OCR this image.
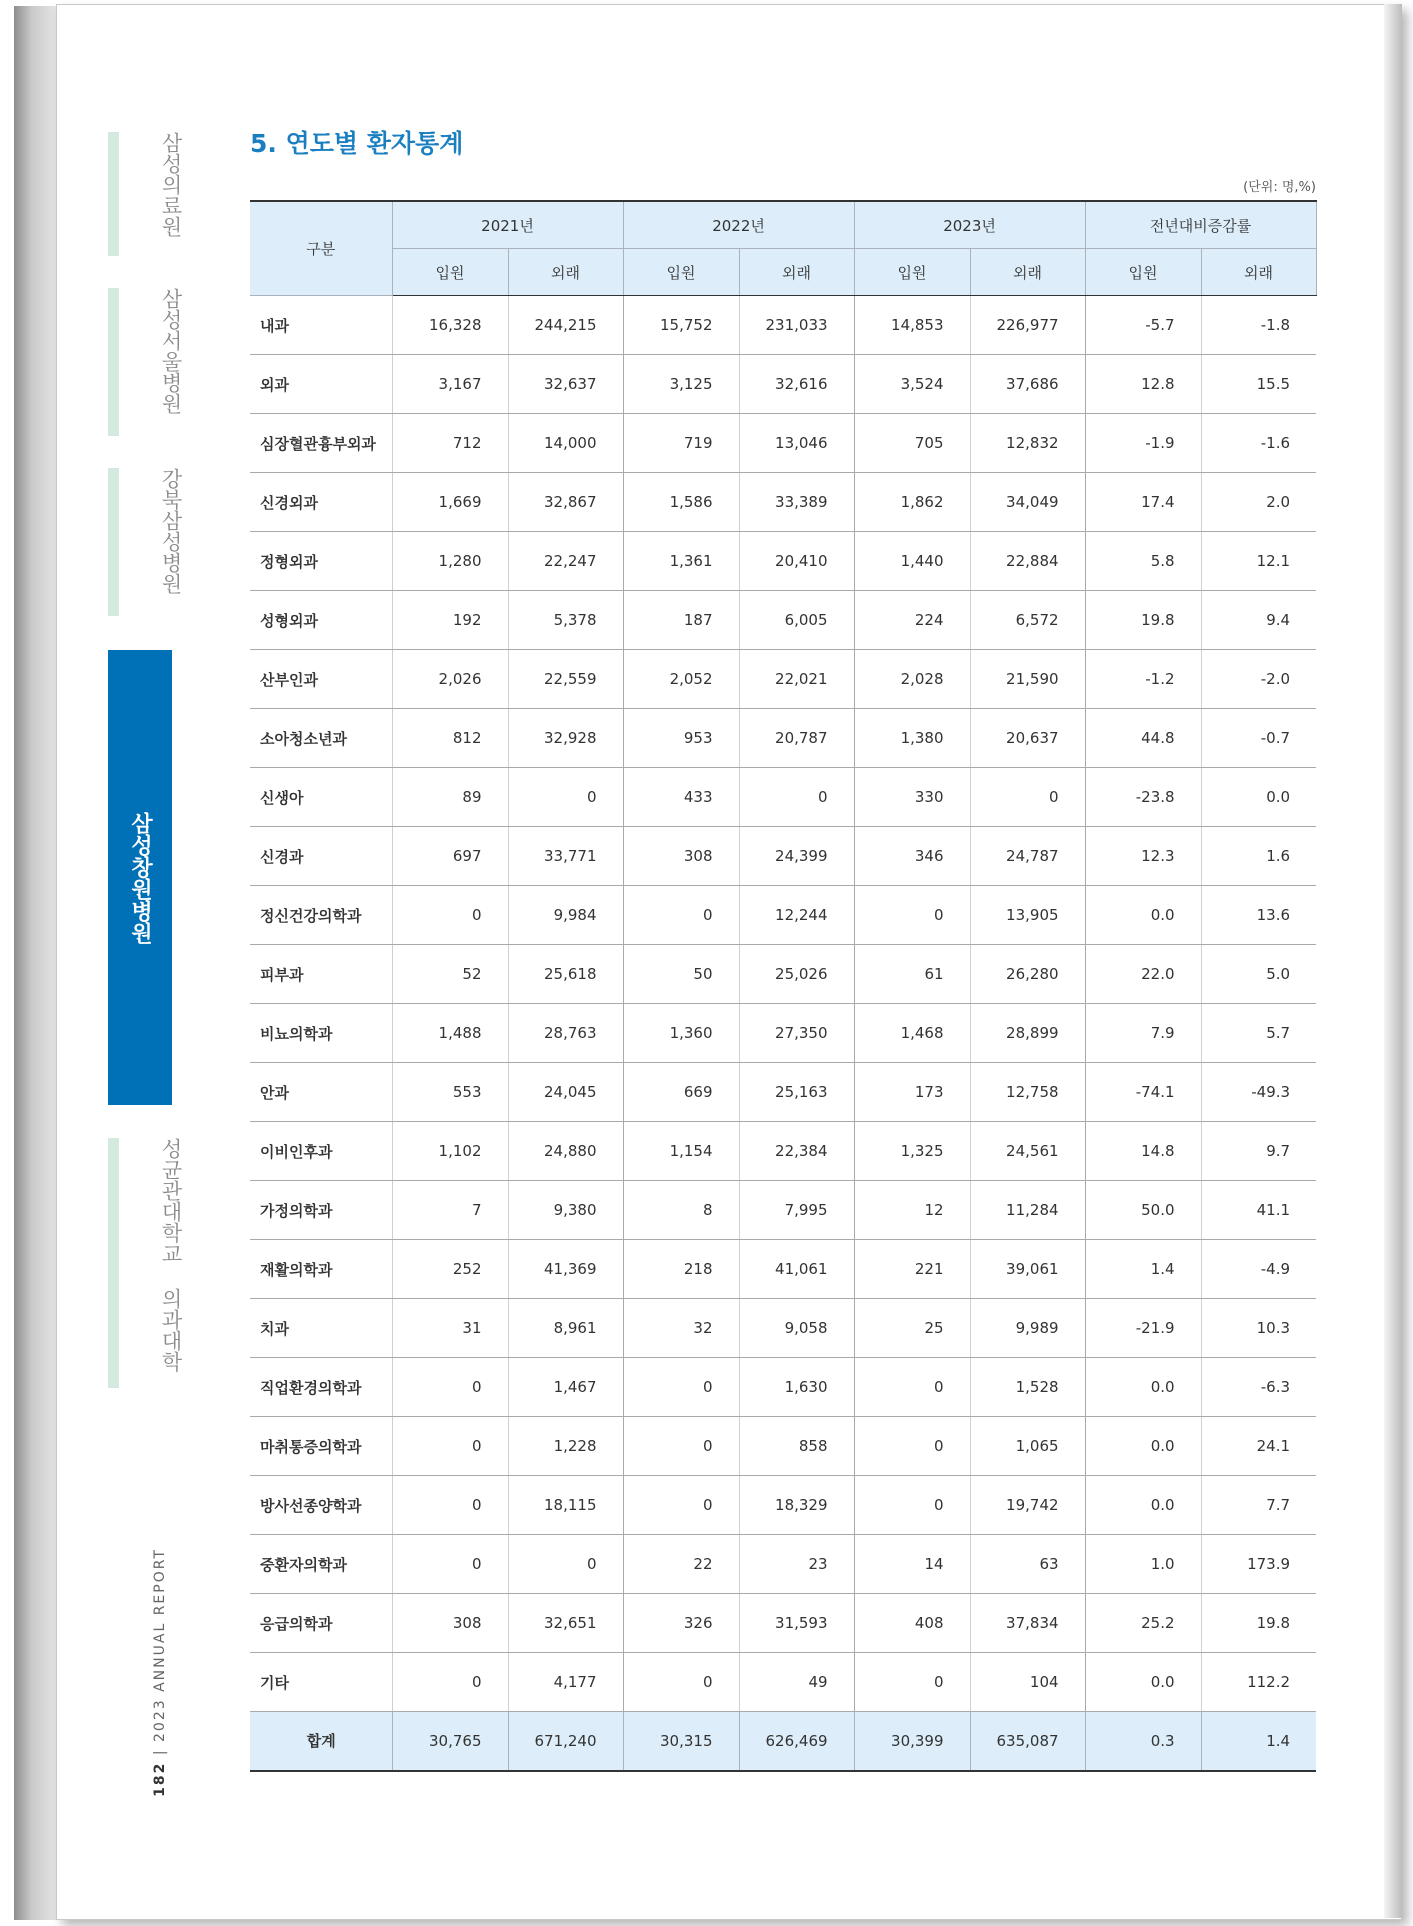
삼성의료원
삼성서울병원
강북삼성병원
삼성창원병원
성균관대학교 의과대학
182 | 2023 ANNUAL REPORT
5. 연도별 환자통계
(단위: 명,%)
구분	2021년		2022년		2023년		전년대비증감률	
	입원	외래	입원	외래	입원	외래	입원	외래
내과	16,328	244,215	15,752	231,033	14,853	226,977	-5.7	-1.8
외과	3,167	32,637	3,125	32,616	3,524	37,686	12.8	15.5
심장혈관흉부외과	712	14,000	719	13,046	705	12,832	-1.9	-1.6
신경외과	1,669	32,867	1,586	33,389	1,862	34,049	17.4	2.0
정형외과	1,280	22,247	1,361	20,410	1,440	22,884	5.8	12.1
성형외과	192	5,378	187	6,005	224	6,572	19.8	9.4
산부인과	2,026	22,559	2,052	22,021	2,028	21,590	-1.2	-2.0
소아청소년과	812	32,928	953	20,787	1,380	20,637	44.8	-0.7
신생아	89	0	433	0	330	0	-23.8	0.0
신경과	697	33,771	308	24,399	346	24,787	12.3	1.6
정신건강의학과	0	9,984	0	12,244	0	13,905	0.0	13.6
피부과	52	25,618	50	25,026	61	26,280	22.0	5.0
비뇨의학과	1,488	28,763	1,360	27,350	1,468	28,899	7.9	5.7
안과	553	24,045	669	25,163	173	12,758	-74.1	-49.3
이비인후과	1,102	24,880	1,154	22,384	1,325	24,561	14.8	9.7
가정의학과	7	9,380	8	7,995	12	11,284	50.0	41.1
재활의학과	252	41,369	218	41,061	221	39,061	1.4	-4.9
치과	31	8,961	32	9,058	25	9,989	-21.9	10.3
직업환경의학과	0	1,467	0	1,630	0	1,528	0.0	-6.3
마취통증의학과	0	1,228	0	858	0	1,065	0.0	24.1
방사선종양학과	0	18,115	0	18,329	0	19,742	0.0	7.7
중환자의학과	0	0	22	23	14	63	1.0	173.9
응급의학과	308	32,651	326	31,593	408	37,834	25.2	19.8
기타	0	4,177	0	49	0	104	0.0	112.2
합계	30,765	671,240	30,315	626,469	30,399	635,087	0.3	1.4
